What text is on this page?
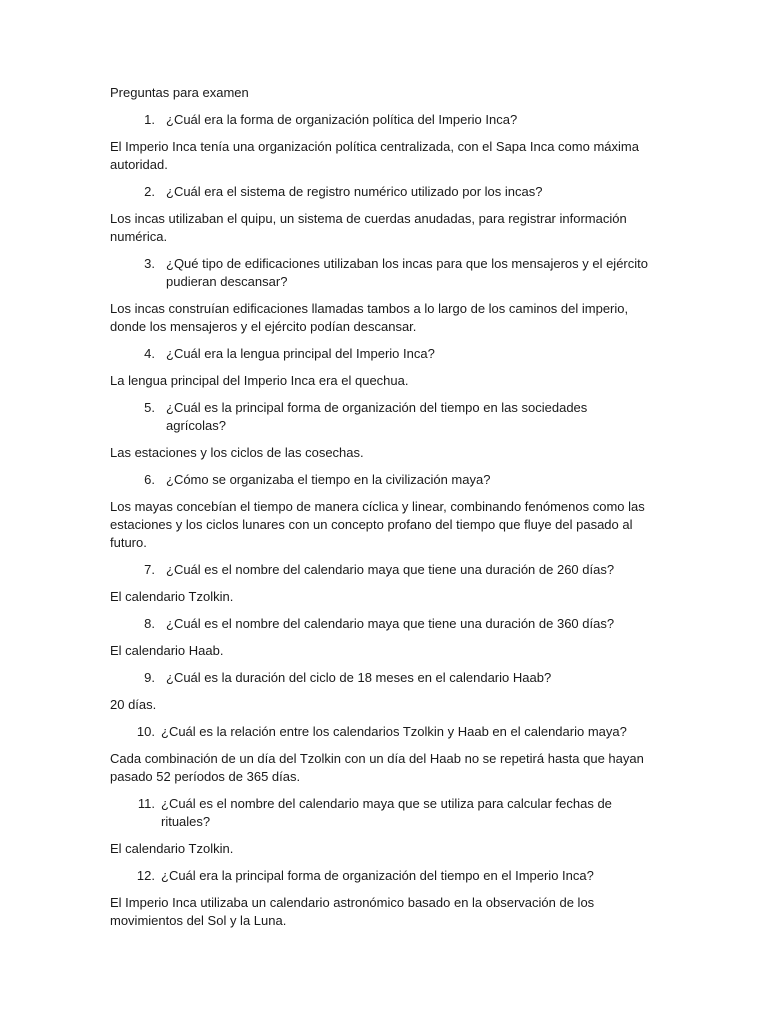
Preguntas para examen
1. ¿Cuál era la forma de organización política del Imperio Inca?
El Imperio Inca tenía una organización política centralizada, con el Sapa Inca como máxima autoridad.
2. ¿Cuál era el sistema de registro numérico utilizado por los incas?
Los incas utilizaban el quipu, un sistema de cuerdas anudadas, para registrar información numérica.
3. ¿Qué tipo de edificaciones utilizaban los incas para que los mensajeros y el ejército pudieran descansar?
Los incas construían edificaciones llamadas tambos a lo largo de los caminos del imperio, donde los mensajeros y el ejército podían descansar.
4. ¿Cuál era la lengua principal del Imperio Inca?
La lengua principal del Imperio Inca era el quechua.
5. ¿Cuál es la principal forma de organización del tiempo en las sociedades agrícolas?
Las estaciones y los ciclos de las cosechas.
6. ¿Cómo se organizaba el tiempo en la civilización maya?
Los mayas concebían el tiempo de manera cíclica y linear, combinando fenómenos como las estaciones y los ciclos lunares con un concepto profano del tiempo que fluye del pasado al futuro.
7. ¿Cuál es el nombre del calendario maya que tiene una duración de 260 días?
El calendario Tzolkin.
8. ¿Cuál es el nombre del calendario maya que tiene una duración de 360 días?
El calendario Haab.
9. ¿Cuál es la duración del ciclo de 18 meses en el calendario Haab?
20 días.
10. ¿Cuál es la relación entre los calendarios Tzolkin y Haab en el calendario maya?
Cada combinación de un día del Tzolkin con un día del Haab no se repetirá hasta que hayan pasado 52 períodos de 365 días.
11. ¿Cuál es el nombre del calendario maya que se utiliza para calcular fechas de rituales?
El calendario Tzolkin.
12. ¿Cuál era la principal forma de organización del tiempo en el Imperio Inca?
El Imperio Inca utilizaba un calendario astronómico basado en la observación de los movimientos del Sol y la Luna.
